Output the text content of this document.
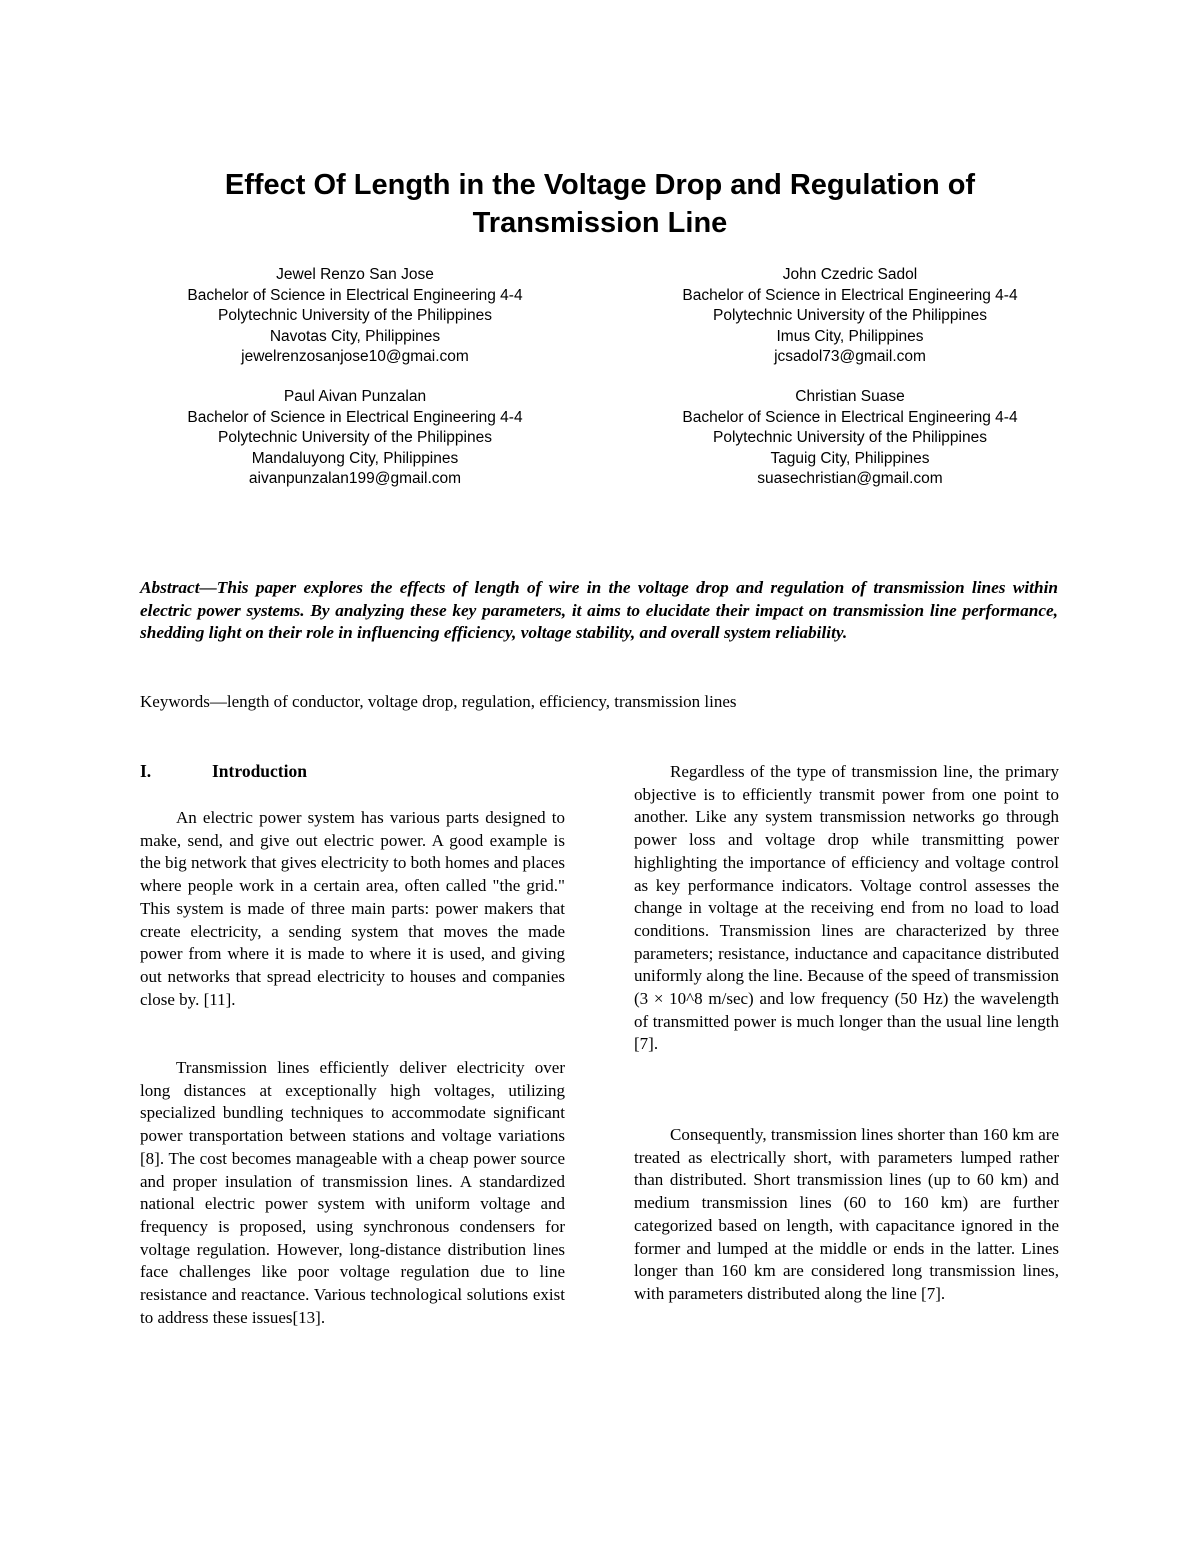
Effect Of Length in the Voltage Drop and Regulation of Transmission Line
Jewel Renzo San Jose
Bachelor of Science in Electrical Engineering 4-4
Polytechnic University of the Philippines
Navotas City, Philippines
jewelrenzosanjose10@gmai.com
John Czedric Sadol
Bachelor of Science in Electrical Engineering 4-4
Polytechnic University of the Philippines
Imus City, Philippines
jcsadol73@gmail.com
Paul Aivan Punzalan
Bachelor of Science in Electrical Engineering 4-4
Polytechnic University of the Philippines
Mandaluyong City, Philippines
aivanpunzalan199@gmail.com
Christian Suase
Bachelor of Science in Electrical Engineering 4-4
Polytechnic University of the Philippines
Taguig City, Philippines
suasechristian@gmail.com

Abstract—This paper explores the effects of length of wire in the voltage drop and regulation of transmission lines within electric power systems. By analyzing these key parameters, it aims to elucidate their impact on transmission line performance, shedding light on their role in influencing efficiency, voltage stability, and overall system reliability.

Keywords—length of conductor, voltage drop, regulation, efficiency, transmission lines

I.	Introduction

An electric power system has various parts designed to make, send, and give out electric power. A good example is the big network that gives electricity to both homes and places where people work in a certain area, often called "the grid." This system is made of three main parts: power makers that create electricity, a sending system that moves the made power from where it is made to where it is used, and giving out networks that spread electricity to houses and companies close by. [11].

Transmission lines efficiently deliver electricity over long distances at exceptionally high voltages, utilizing specialized bundling techniques to accommodate significant power transportation between stations and voltage variations [8]. The cost becomes manageable with a cheap power source and proper insulation of transmission lines. A standardized national electric power system with uniform voltage and frequency is proposed, using synchronous condensers for voltage regulation. However, long-distance distribution lines face challenges like poor voltage regulation due to line resistance and reactance. Various technological solutions exist to address these issues[13].

Regardless of the type of transmission line, the primary objective is to efficiently transmit power from one point to another. Like any system transmission networks go through power loss and voltage drop while transmitting power highlighting the importance of efficiency and voltage control as key performance indicators. Voltage control assesses the change in voltage at the receiving end from no load to load conditions. Transmission lines are characterized by three parameters; resistance, inductance and capacitance distributed uniformly along the line. Because of the speed of transmission (3 × 10^8 m/sec) and low frequency (50 Hz) the wavelength of transmitted power is much longer than the usual line length [7].

Consequently, transmission lines shorter than 160 km are treated as electrically short, with parameters lumped rather than distributed. Short transmission lines (up to 60 km) and medium transmission lines (60 to 160 km) are further categorized based on length, with capacitance ignored in the former and lumped at the middle or ends in the latter. Lines longer than 160 km are considered long transmission lines, with parameters distributed along the line [7].
